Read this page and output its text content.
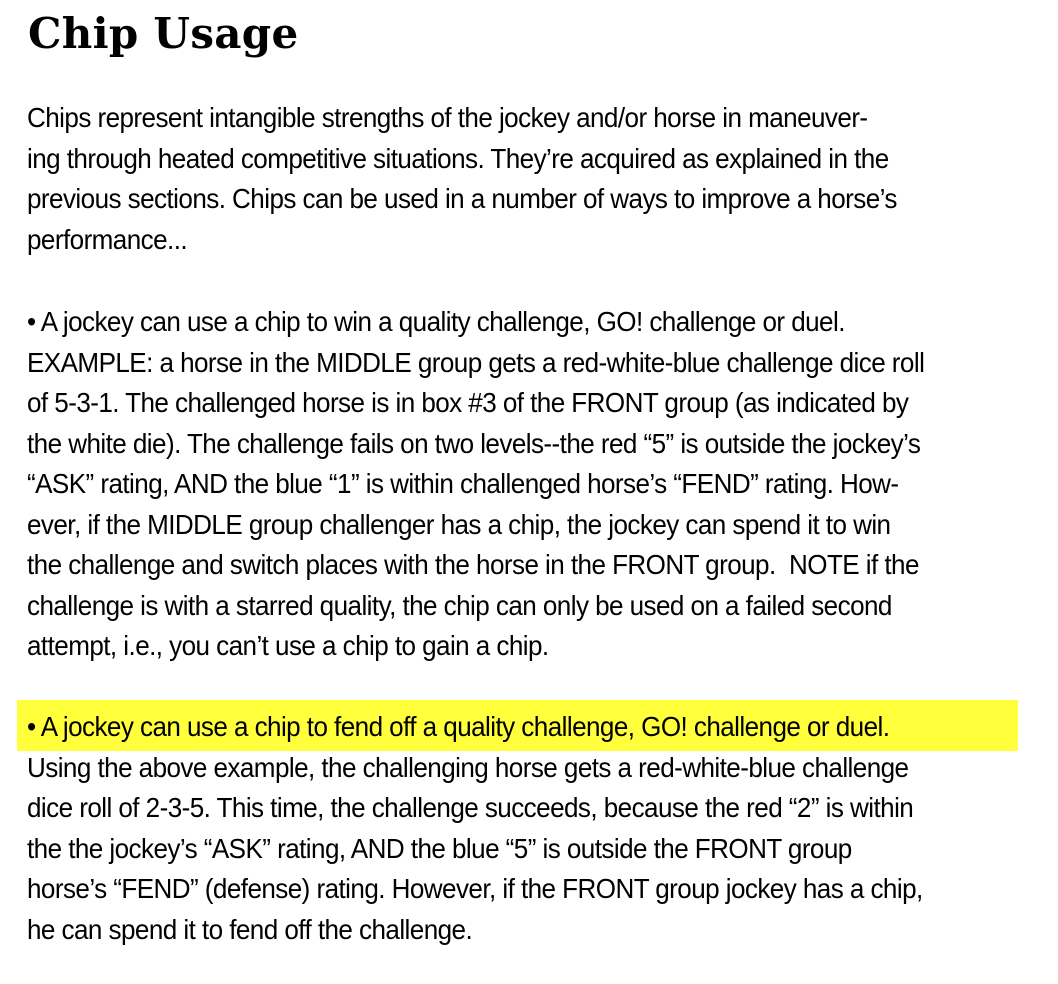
Chip Usage
Chips represent intangible strengths of the jockey and/or horse in maneuver-
ing through heated competitive situations. They’re acquired as explained in the
previous sections. Chips can be used in a number of ways to improve a horse’s
performance...
• A jockey can use a chip to win a quality challenge, GO! challenge or duel.
EXAMPLE: a horse in the MIDDLE group gets a red-white-blue challenge dice roll
of 5-3-1. The challenged horse is in box #3 of the FRONT group (as indicated by
the white die). The challenge fails on two levels--the red “5” is outside the jockey’s
“ASK” rating, AND the blue “1” is within challenged horse’s “FEND” rating. How-
ever, if the MIDDLE group challenger has a chip, the jockey can spend it to win
the challenge and switch places with the horse in the FRONT group.  NOTE if the
challenge is with a starred quality, the chip can only be used on a failed second
attempt, i.e., you can’t use a chip to gain a chip.
• A jockey can use a chip to fend off a quality challenge, GO! challenge or duel.
Using the above example, the challenging horse gets a red-white-blue challenge
dice roll of 2-3-5. This time, the challenge succeeds, because the red “2” is within
the the jockey’s “ASK” rating, AND the blue “5” is outside the FRONT group
horse’s “FEND” (defense) rating. However, if the FRONT group jockey has a chip,
he can spend it to fend off the challenge.
